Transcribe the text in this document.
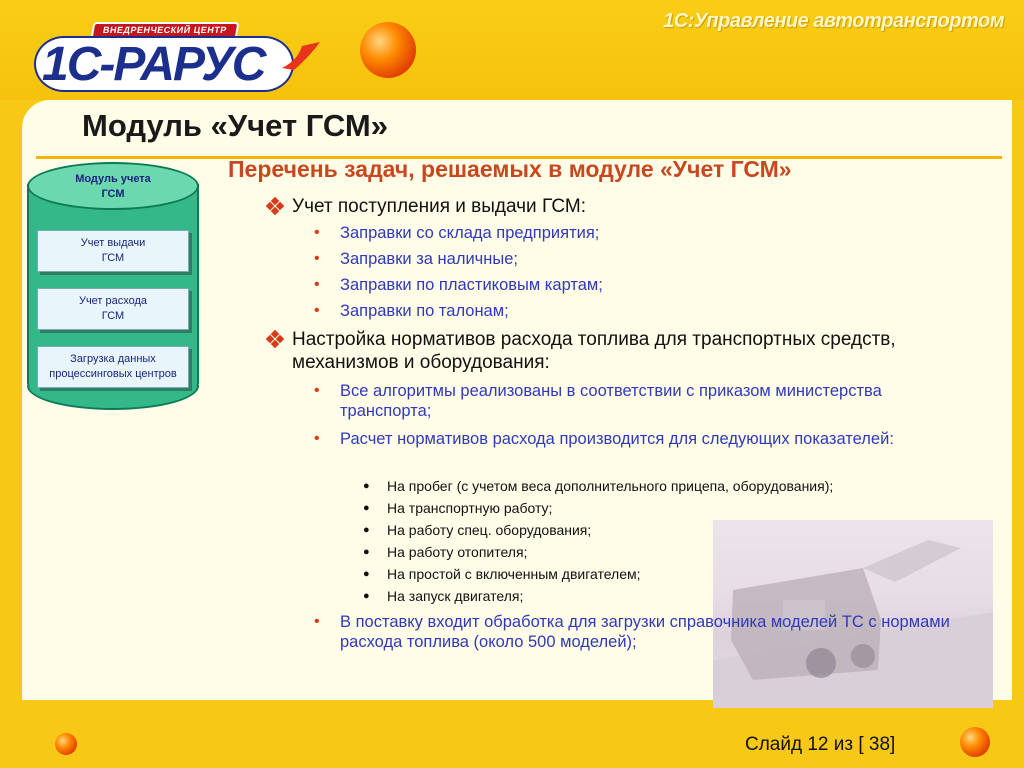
1С:Управление автотранспортом
ВНЕДРЕНЧЕСКИЙ ЦЕНТР
1С-РАРУС
Модуль «Учет ГСМ»
Модуль учета
ГСМ
Учет выдачи
ГСМ
Учет расхода
ГСМ
Загрузка данных
процессинговых центров
Перечень задач, решаемых в модуле «Учет ГСМ»
Учет поступления и выдачи ГСМ:
• Заправки со склада предприятия;
• Заправки за наличные;
• Заправки по пластиковым картам;
• Заправки по талонам;
Настройка нормативов расхода топлива для транспортных средств, механизмов и оборудования:
• Все алгоритмы реализованы в соответствии с приказом министерства транспорта;
• Расчет нормативов расхода производится для следующих показателей:
● На пробег (с учетом веса дополнительного прицепа, оборудования);
● На транспортную работу;
● На работу спец. оборудования;
● На работу отопителя;
● На простой с включенным двигателем;
● На запуск двигателя;
• В поставку входит обработка для загрузки справочника моделей ТС с нормами расхода топлива (около 500 моделей);
Слайд 12 из [ 38]
